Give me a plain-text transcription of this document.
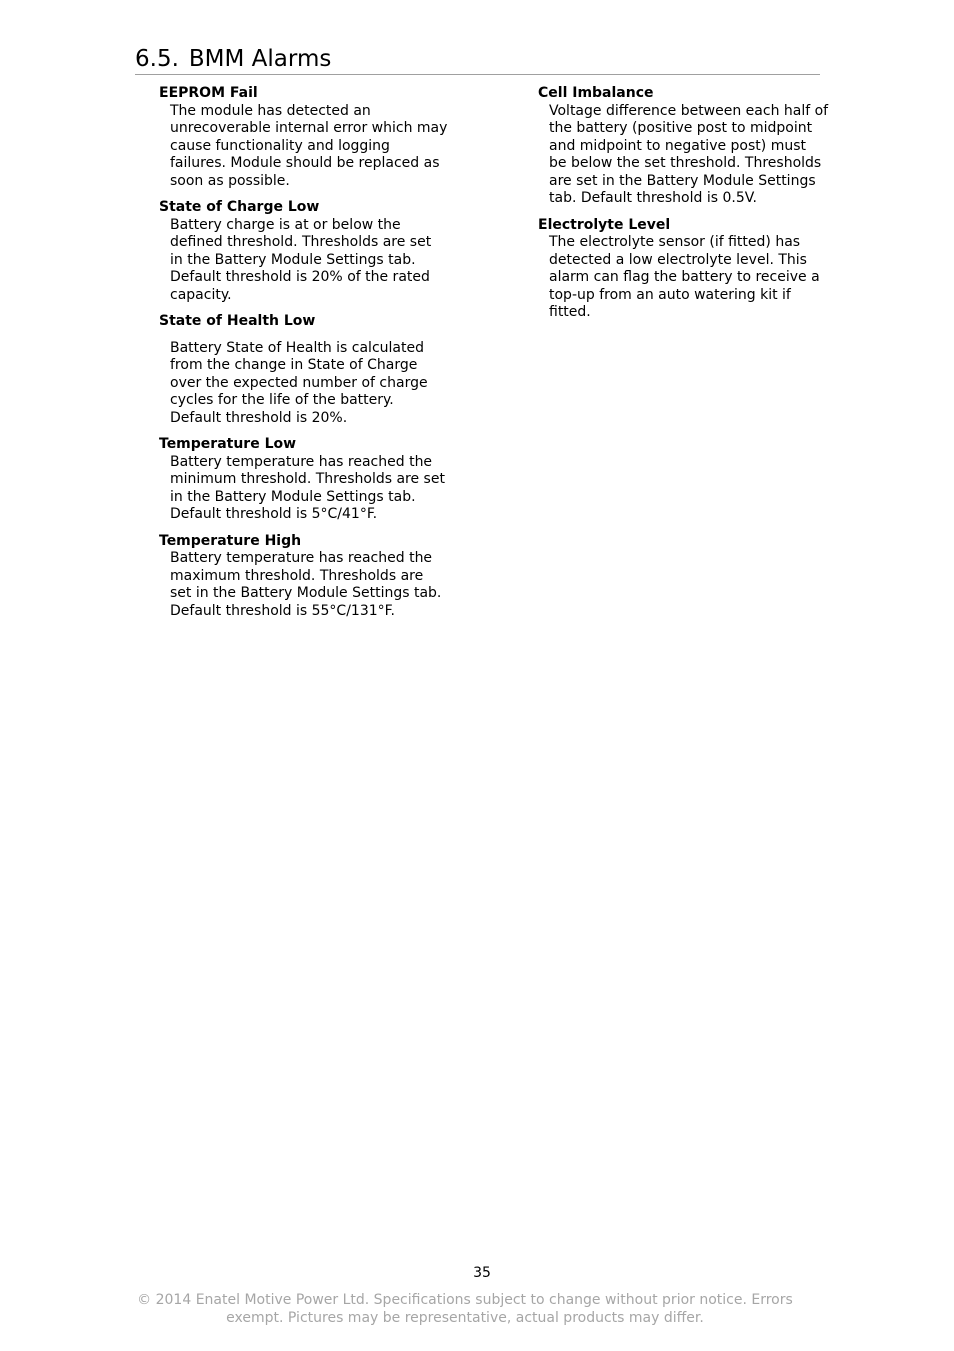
6.5. BMM Alarms
EEPROM Fail
The module has detected an
unrecoverable internal error which may
cause functionality and logging
failures. Module should be replaced as
soon as possible.
State of Charge Low
Battery charge is at or below the
defined threshold. Thresholds are set
in the Battery Module Settings tab.
Default threshold is 20% of the rated
capacity.
State of Health Low
Battery State of Health is calculated
from the change in State of Charge
over the expected number of charge
cycles for the life of the battery.
Default threshold is 20%.
Temperature Low
Battery temperature has reached the
minimum threshold. Thresholds are set
in the Battery Module Settings tab.
Default threshold is 5°C/41°F.
Temperature High
Battery temperature has reached the
maximum threshold. Thresholds are
set in the Battery Module Settings tab.
Default threshold is 55°C/131°F.
Cell Imbalance
Voltage difference between each half of
the battery (positive post to midpoint
and midpoint to negative post) must
be below the set threshold. Thresholds
are set in the Battery Module Settings
tab. Default threshold is 0.5V.
Electrolyte Level
The electrolyte sensor (if fitted) has
detected a low electrolyte level. This
alarm can flag the battery to receive a
top-up from an auto watering kit if
fitted.
35
© 2014 Enatel Motive Power Ltd. Specifications subject to change without prior notice. Errors
exempt. Pictures may be representative, actual products may differ.
